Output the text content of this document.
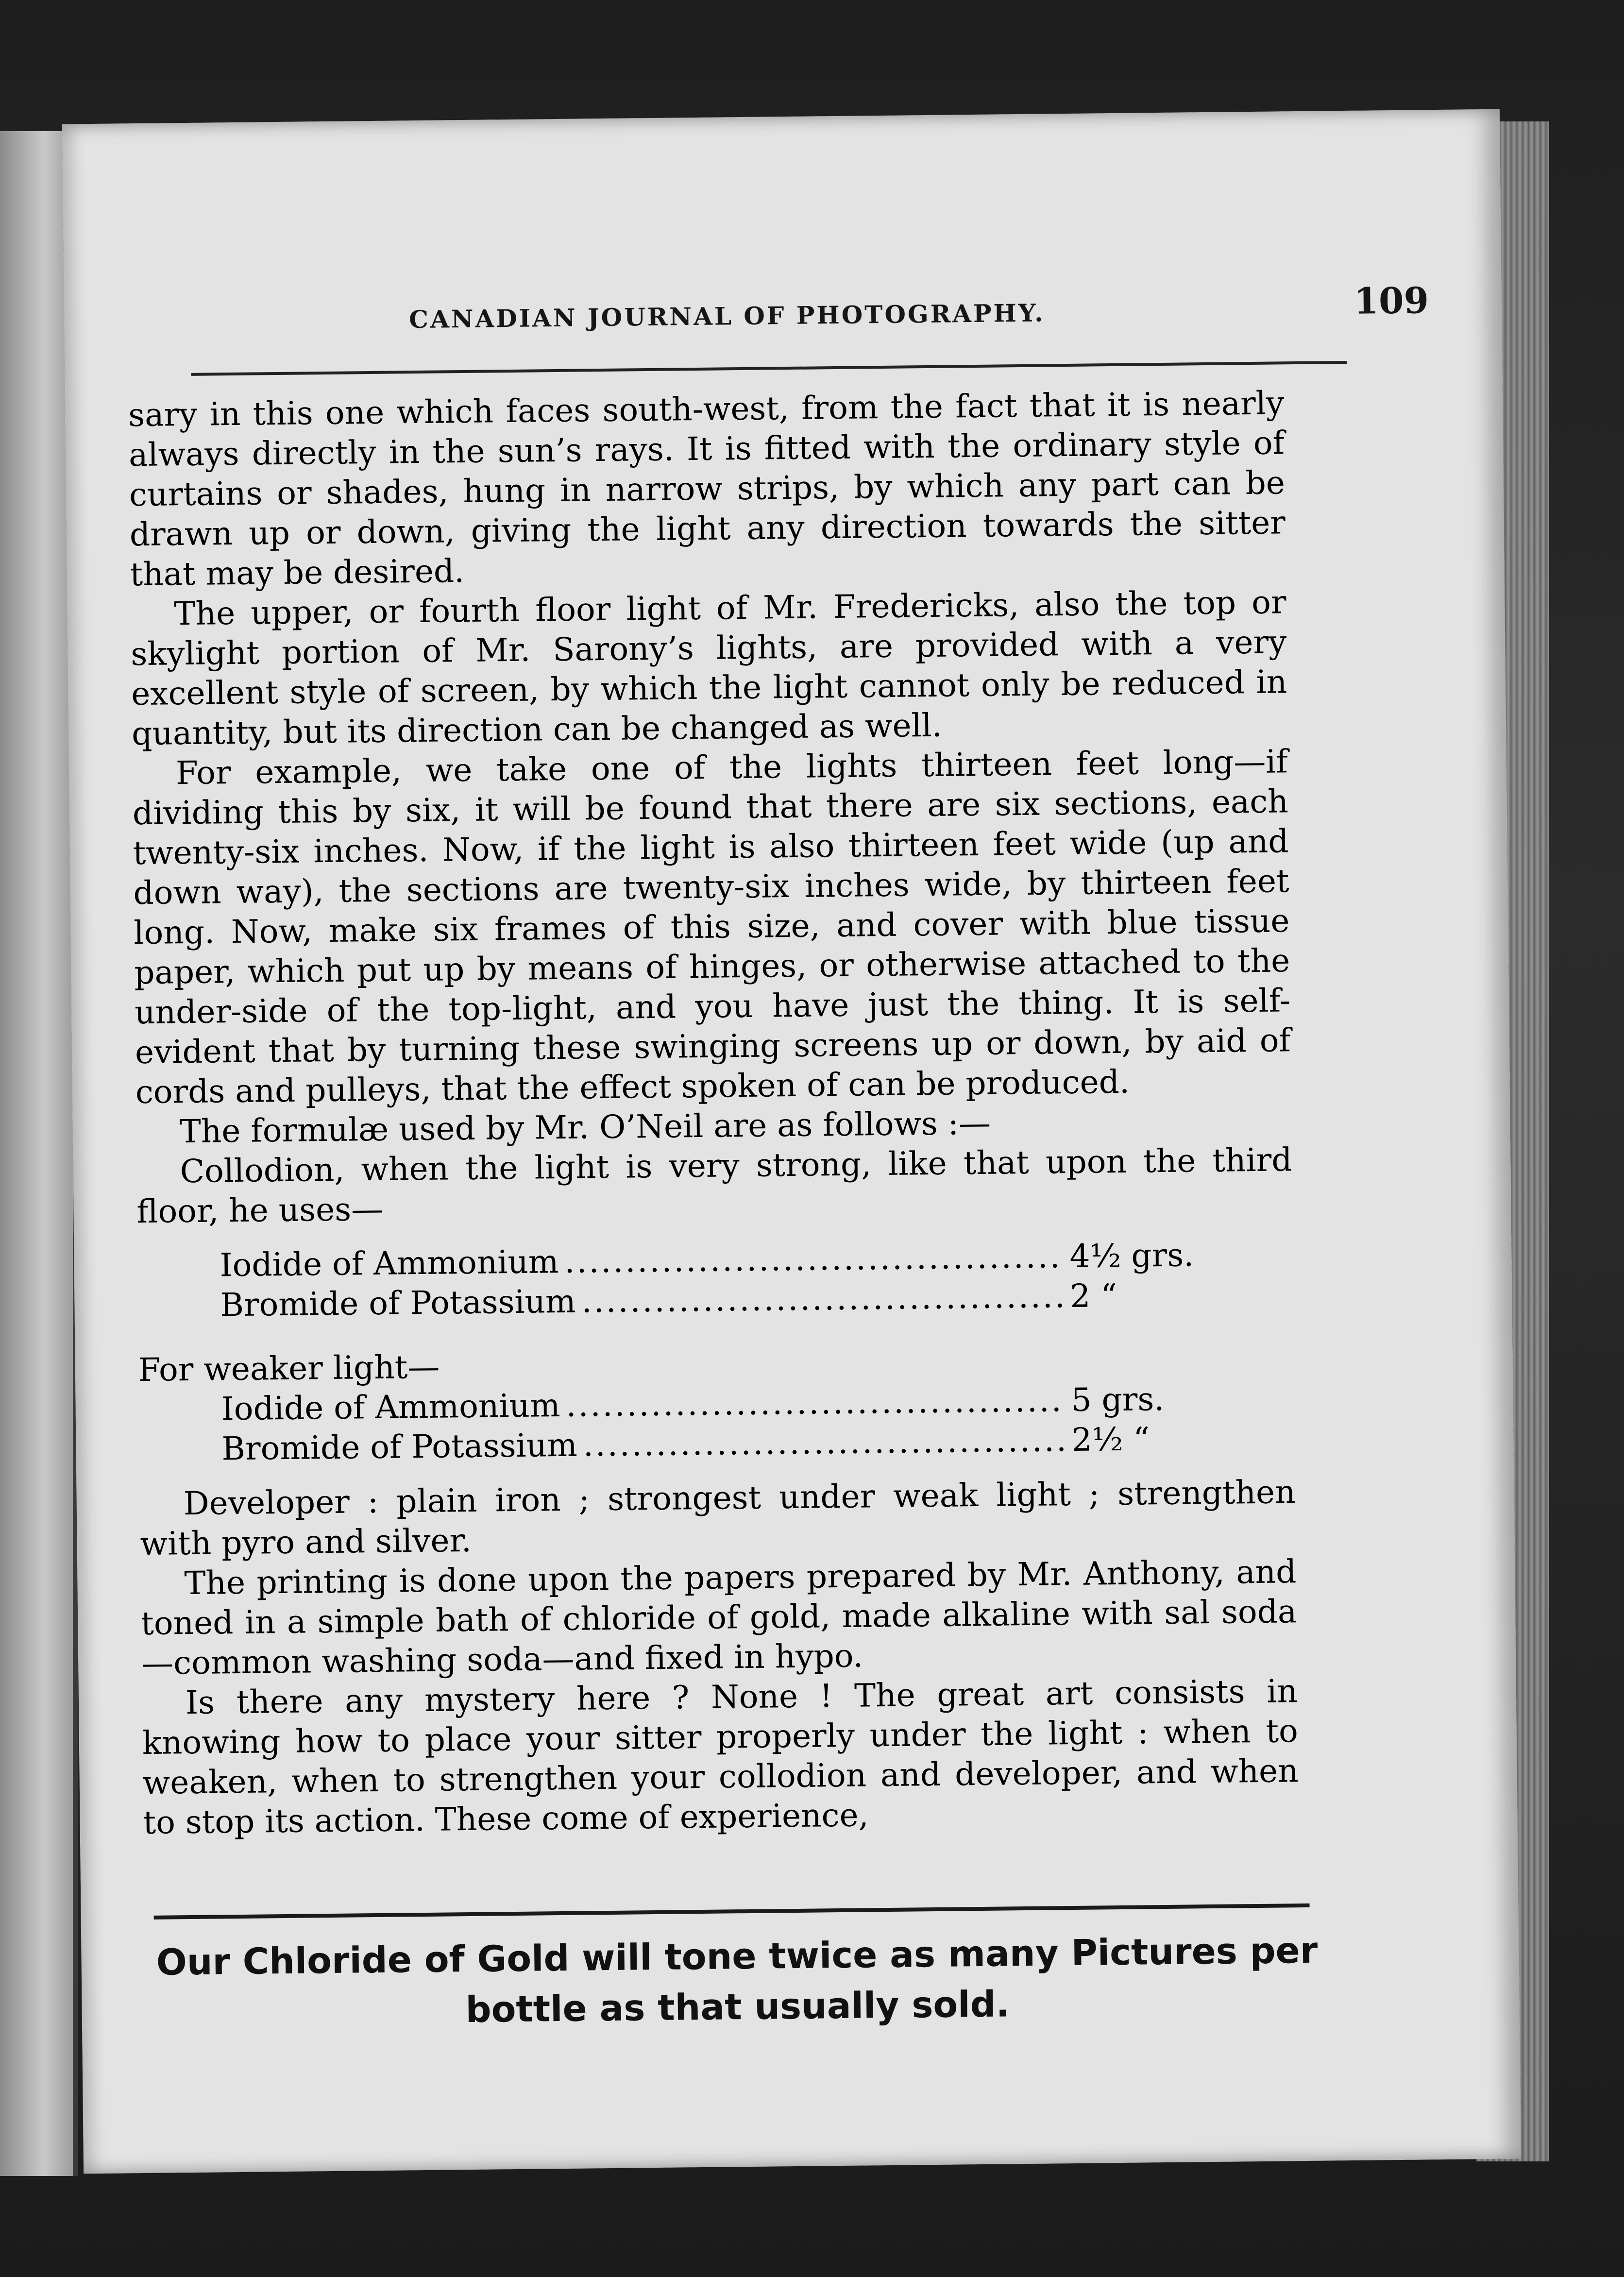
CANADIAN JOURNAL OF PHOTOGRAPHY.	109

sary in this one which faces south-west, from the fact that it is nearly always directly in the sun’s rays. It is fitted with the ordinary style of curtains or shades, hung in narrow strips, by which any part can be drawn up or down, giving the light any direction towards the sitter that may be desired.

The upper, or fourth floor light of Mr. Fredericks, also the top or skylight portion of Mr. Sarony’s lights, are provided with a very excellent style of screen, by which the light cannot only be reduced in quantity, but its direction can be changed as well.

For example, we take one of the lights thirteen feet long—if dividing this by six, it will be found that there are six sections, each twenty-six inches. Now, if the light is also thirteen feet wide (up and down way), the sections are twenty-six inches wide, by thirteen feet long. Now, make six frames of this size, and cover with blue tissue paper, which put up by means of hinges, or otherwise attached to the under-side of the top-light, and you have just the thing. It is self-evident that by turning these swinging screens up or down, by aid of cords and pulleys, that the effect spoken of can be produced.

The formulæ used by Mr. O’Neil are as follows :—

Collodion, when the light is very strong, like that upon the third floor, he uses—

Iodide of Ammonium .....	4½ grs.
Bromide of Potassium .....	2 “

For weaker light—

Iodide of Ammonium .....	5 grs.
Bromide of Potassium .....	2½ “

Developer : plain iron ; strongest under weak light ; strengthen with pyro and silver.

The printing is done upon the papers prepared by Mr. Anthony, and toned in a simple bath of chloride of gold, made alkaline with sal soda—common washing soda—and fixed in hypo.

Is there any mystery here ? None ! The great art consists in knowing how to place your sitter properly under the light : when to weaken, when to strengthen your collodion and developer, and when to stop its action. These come of experience,

Our Chloride of Gold will tone twice as many Pictures per
bottle as that usually sold.
